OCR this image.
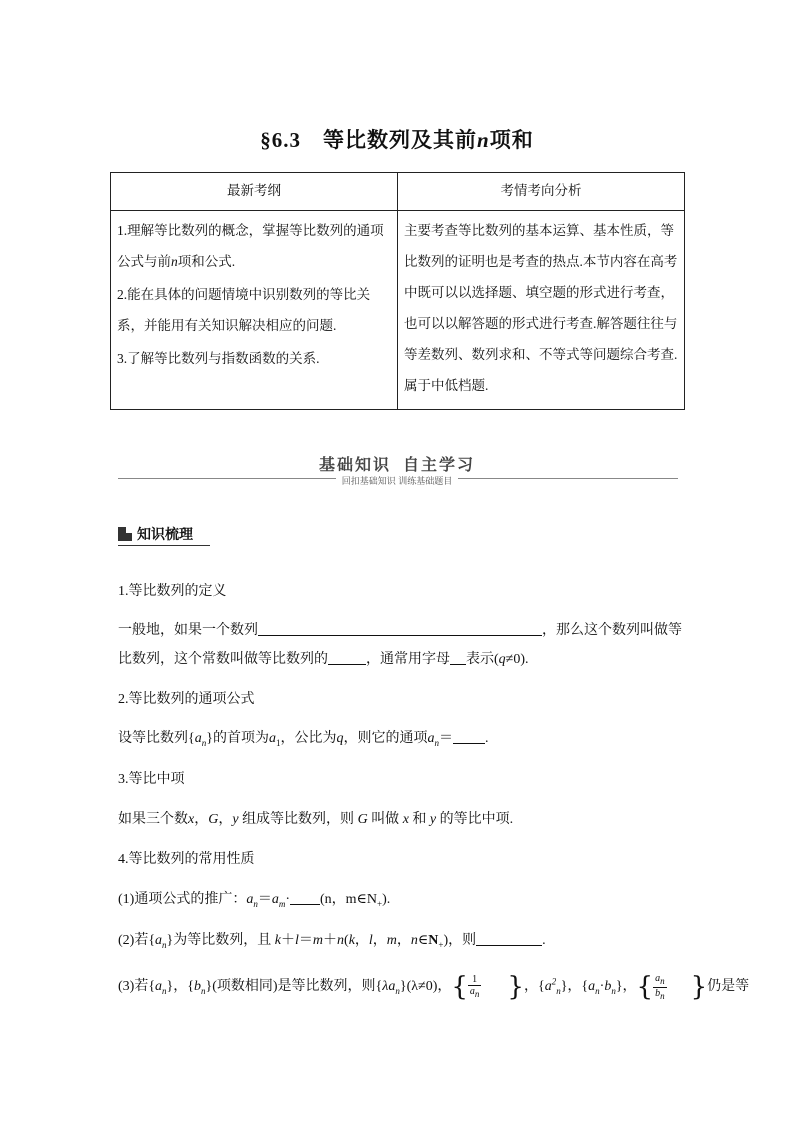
§6.3 等比数列及其前n项和
最新考纲	考情考向分析

1.理解等比数列的概念，掌握等比数列的通项公式与前n项和公式.

2.能在具体的问题情境中识别数列的等比关系，并能用有关知识解决相应的问题.

3.了解等比数列与指数函数的关系.	主要考查等比数列的基本运算、基本性质，等比数列的证明也是考查的热点.本节内容在高考中既可以以选择题、填空题的形式进行考查，也可以以解答题的形式进行考查.解答题往往与等差数列、数列求和、不等式等问题综合考查.属于中低档题.
基础知识 自主学习
回扣基础知识 训练基础题目
知识梳理
1.等比数列的定义
一般地，如果一个数列	，那么这个数列叫做等
比数列，这个常数叫做等比数列的	，通常用字母 表示(q≠0).
2.等比数列的通项公式
设等比数列$\{a_n\}$的首项为$a_1$，公比为q，则它的通项$a_n=$ .
3.等比中项
如果三个数x，G，y 组成等比数列，则 G 叫做 x 和 y 的等比中项.
4.等比数列的常用性质
(1)通项公式的推广：$a_n=a_m\cdot (n$，$m\in N_+$).
(2)若$\{a_n\}$为等比数列，且 k＋l＝m＋n(k，l，m，$n\in N_+$)，则	.
(3)若$\{a_n\}$，$\{b_n\}$(项数相同)是等比数列，则$\{\lambda a_n\}(\lambda\ne 0)$，{ $\frac{1}{a_n}$ }，$\{a^2_n\}$，$\{a_n\cdot b_n\}$，{ $\frac{a_n}{b_n}$ }仍是等
